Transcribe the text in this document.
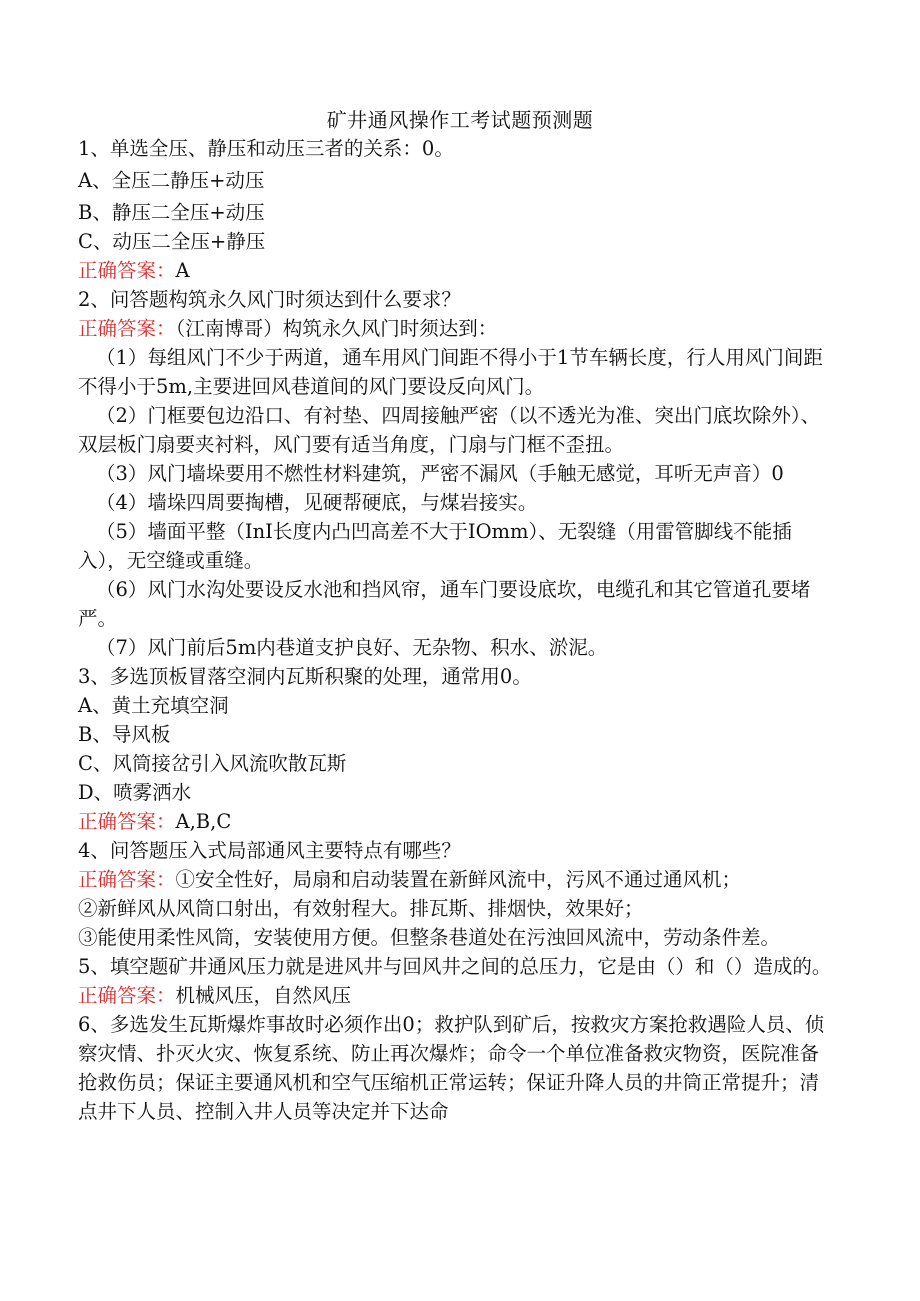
矿井通风操作工考试题预测题

1、单选全压、静压和动压三者的关系：0。

A、全压二静压+动压

B、静压二全压+动压

C、动压二全压+静压

正确答案：A

2、问答题构筑永久风门时须达到什么要求？

正确答案：（江南博哥）构筑永久风门时须达到：

（1）每组风门不少于两道，通车用风门间距不得小于1节车辆长度，行人用风门间距不得小于5m,主要进回风巷道间的风门要设反向风门。

（2）门框要包边沿口、有衬垫、四周接触严密（以不透光为准、突出门底坎除外）、双层板门扇要夹衬料，风门要有适当角度，门扇与门框不歪扭。

（3）风门墙垛要用不燃性材料建筑，严密不漏风（手触无感觉，耳听无声音）0

（4）墙垛四周要掏槽，见硬帮硬底，与煤岩接实。

（5）墙面平整（InI长度内凸凹高差不大于IOmm）、无裂缝（用雷管脚线不能插入），无空缝或重缝。

（6）风门水沟处要设反水池和挡风帘，通车门要设底坎，电缆孔和其它管道孔要堵严。

（7）风门前后5m内巷道支护良好、无杂物、积水、淤泥。

3、多选顶板冒落空洞内瓦斯积聚的处理，通常用0。

A、黄土充填空洞

B、导风板

C、风筒接岔引入风流吹散瓦斯

D、喷雾洒水

正确答案：A,B,C

4、问答题压入式局部通风主要特点有哪些？

正确答案：①安全性好，局扇和启动装置在新鲜风流中，污风不通过通风机；

②新鲜风从风筒口射出，有效射程大。排瓦斯、排烟快，效果好；

③能使用柔性风筒，安装使用方便。但整条巷道处在污浊回风流中，劳动条件差。

5、填空题矿井通风压力就是进风井与回风井之间的总压力，它是由（）和（）造成的。

正确答案：机械风压，自然风压

6、多选发生瓦斯爆炸事故时必须作出0；救护队到矿后，按救灾方案抢救遇险人员、侦察灾情、扑灭火灾、恢复系统、防止再次爆炸；命令一个单位准备救灾物资，医院准备抢救伤员；保证主要通风机和空气压缩机正常运转；保证升降人员的井筒正常提升；清点井下人员、控制入井人员等决定并下达命
